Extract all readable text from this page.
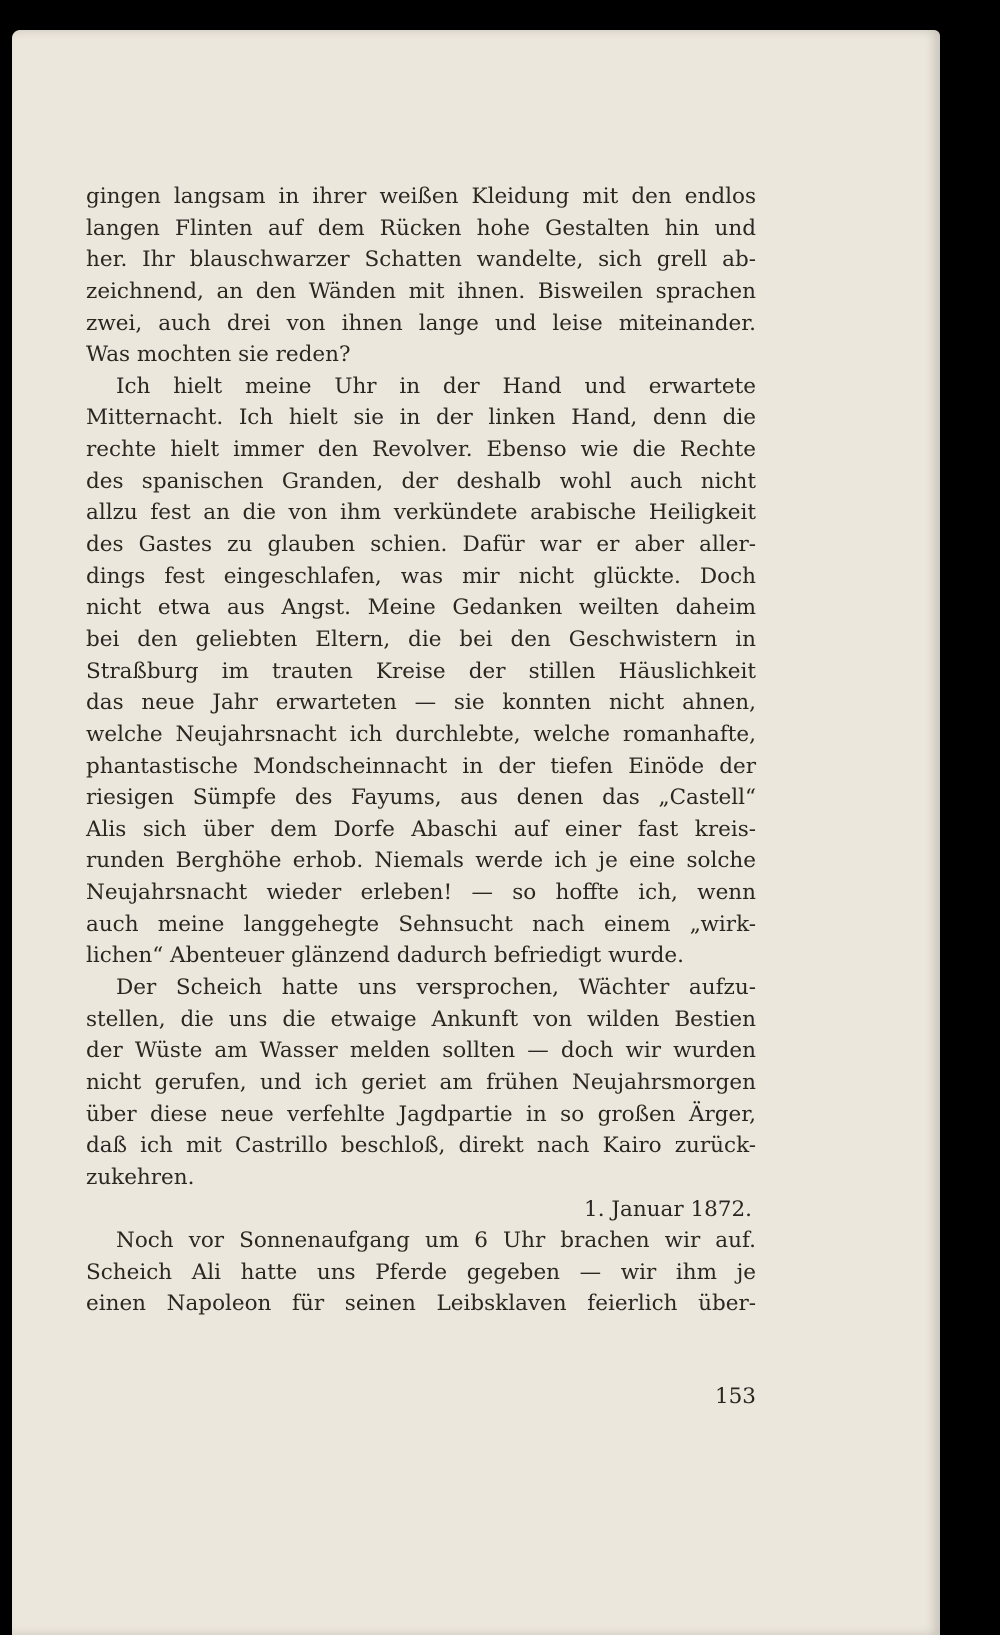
gingen langsam in ihrer weißen Kleidung mit den endlos
langen Flinten auf dem Rücken hohe Gestalten hin und
her. Ihr blauschwarzer Schatten wandelte, sich grell ab-
zeichnend, an den Wänden mit ihnen. Bisweilen sprachen
zwei, auch drei von ihnen lange und leise miteinander.
Was mochten sie reden?
Ich hielt meine Uhr in der Hand und erwartete
Mitternacht. Ich hielt sie in der linken Hand, denn die
rechte hielt immer den Revolver. Ebenso wie die Rechte
des spanischen Granden, der deshalb wohl auch nicht
allzu fest an die von ihm verkündete arabische Heiligkeit
des Gastes zu glauben schien. Dafür war er aber aller-
dings fest eingeschlafen, was mir nicht glückte. Doch
nicht etwa aus Angst. Meine Gedanken weilten daheim
bei den geliebten Eltern, die bei den Geschwistern in
Straßburg im trauten Kreise der stillen Häuslichkeit
das neue Jahr erwarteten — sie konnten nicht ahnen,
welche Neujahrsnacht ich durchlebte, welche romanhafte,
phantastische Mondscheinnacht in der tiefen Einöde der
riesigen Sümpfe des Fayums, aus denen das „Castell“
Alis sich über dem Dorfe Abaschi auf einer fast kreis-
runden Berghöhe erhob. Niemals werde ich je eine solche
Neujahrsnacht wieder erleben! — so hoffte ich, wenn
auch meine langgehegte Sehnsucht nach einem „wirk-
lichen“ Abenteuer glänzend dadurch befriedigt wurde.
Der Scheich hatte uns versprochen, Wächter aufzu-
stellen, die uns die etwaige Ankunft von wilden Bestien
der Wüste am Wasser melden sollten — doch wir wurden
nicht gerufen, und ich geriet am frühen Neujahrsmorgen
über diese neue verfehlte Jagdpartie in so großen Ärger,
daß ich mit Castrillo beschloß, direkt nach Kairo zurück-
zukehren.
1. Januar 1872.
Noch vor Sonnenaufgang um 6 Uhr brachen wir auf.
Scheich Ali hatte uns Pferde gegeben — wir ihm je
einen Napoleon für seinen Leibsklaven feierlich über-
153
